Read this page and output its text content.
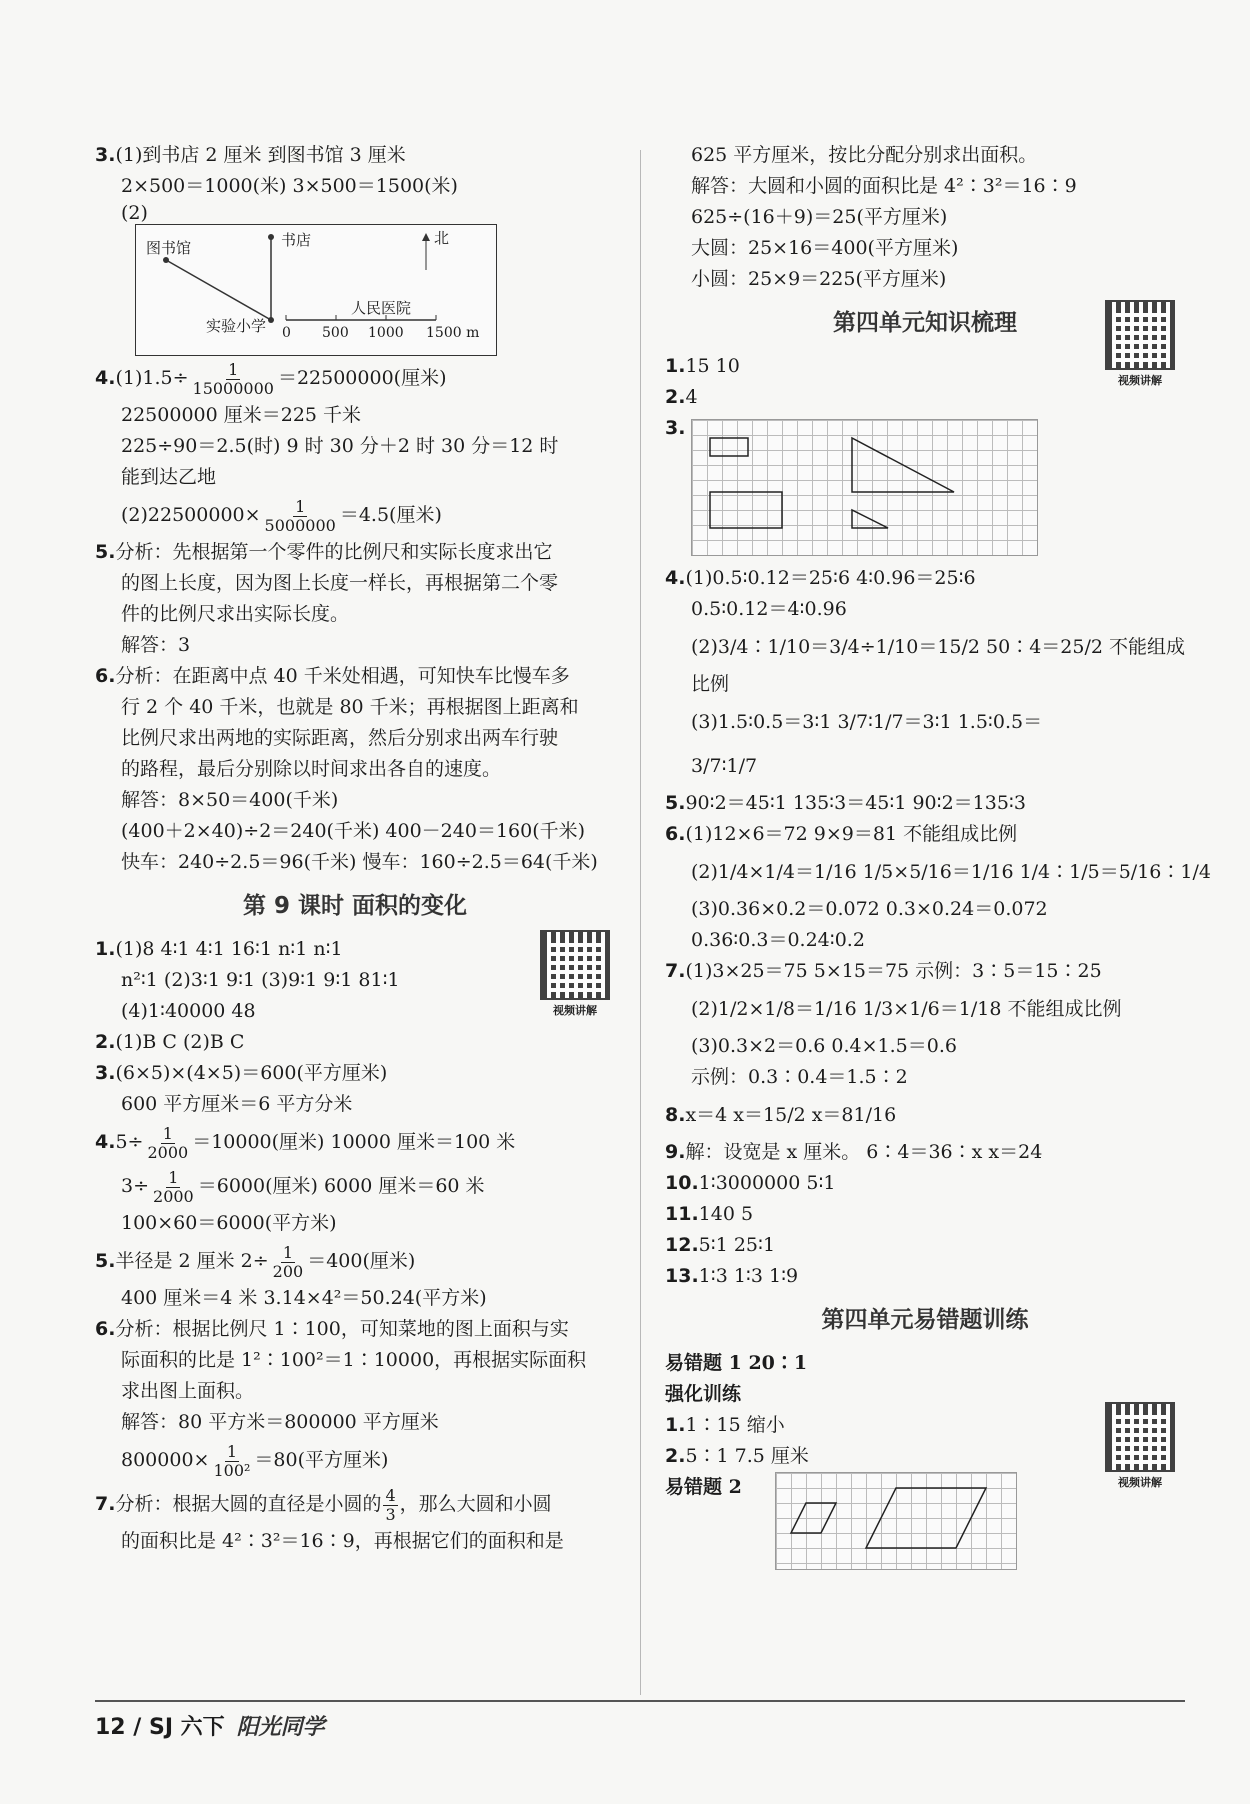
3.(1)到书店 2 厘米 到图书馆 3 厘米
2×500＝1000(米) 3×500＝1500(米)
(2)
图书馆	书店
实验小学
人民医院
北
0 500 1000 1500 m
$4.(1)1.5\div \frac{1}{15000000} =22500000$(厘米)
22500000 厘米＝225 千米
225÷90＝2.5(时) 9 时 30 分＋2 时 30 分＝12 时
能到达乙地
$(2)22500000\times \frac{1}{5000000} =4.5$(厘米)
5.分析：先根据第一个零件的比例尺和实际长度求出它
的图上长度，因为图上长度一样长，再根据第二个零
件的比例尺求出实际长度。
解答：3
6.分析：在距离中点 40 千米处相遇，可知快车比慢车多
行 2 个 40 千米，也就是 80 千米；再根据图上距离和
比例尺求出两地的实际距离，然后分别求出两车行驶
的路程，最后分别除以时间求出各自的速度。
解答：8×50＝400(千米)
(400＋2×40)÷2＝240(千米) 400－240＝160(千米)
快车：240÷2.5＝96(千米) 慢车：160÷2.5＝64(千米)
第 9 课时 面积的变化
视频讲解
1.(1)8 4∶1 4∶1 16∶1 n∶1 n∶1
n²∶1 (2)3∶1 9∶1 (3)9∶1 9∶1 81∶1
(4)1∶40000 48
2.(1)B C (2)B C
3.(6×5)×(4×5)＝600(平方厘米)
600 平方厘米＝6 平方分米
$4.5\div \frac{1}{2000} =10000$(厘米) 10000 厘米＝100 米
$3\div \frac{1}{2000} =6000$(厘米) 6000 厘米＝60 米
100×60＝6000(平方米)
5.半径是 2 厘米 $2\div \frac{1}{200} =400$(厘米)
400 厘米＝4 米 3.14×4²＝50.24(平方米)
6.分析：根据比例尺 1∶100，可知菜地的图上面积与实
际面积的比是 1²∶100²＝1∶10000，再根据实际面积
求出图上面积。
解答：80 平方米＝800000 平方厘米
$800000\times \frac{1}{\text{100²}} =80$(平方厘米)
7.分析：根据大圆的直径是小圆的 $\frac{4}{3}$ ，那么大圆和小圆
的面积比是 4²∶3²＝16∶9，再根据它们的面积和是
625 平方厘米，按比分配分别求出面积。
解答：大圆和小圆的面积比是 4²∶3²＝16∶9
625÷(16＋9)＝25(平方厘米)
大圆：25×16＝400(平方厘米)
小圆：25×9＝225(平方厘米)
第四单元知识梳理
视频讲解
1.15 10
2.4
3.
4.(1)0.5∶0.12＝25∶6 4∶0.96＝25∶6
0.5∶0.12＝4∶0.96
(2)3/4∶1/10＝3/4÷1/10＝15/2 50∶4＝25/2 不能组成
比例
(3)1.5∶0.5＝3∶1 3/7∶1/7＝3∶1 1.5∶0.5＝
3/7∶1/7
5.90∶2＝45∶1 135∶3＝45∶1 90∶2＝135∶3
6.(1)12×6＝72 9×9＝81 不能组成比例
(2)1/4×1/4＝1/16 1/5×5/16＝1/16 1/4∶1/5＝5/16∶1/4
(3)0.36×0.2＝0.072 0.3×0.24＝0.072
0.36∶0.3＝0.24∶0.2
7.(1)3×25＝75 5×15＝75 示例：3∶5＝15∶25
(2)1/2×1/8＝1/16 1/3×1/6＝1/18 不能组成比例
(3)0.3×2＝0.6 0.4×1.5＝0.6
示例：0.3∶0.4＝1.5∶2
8.x＝4 x＝15/2 x＝81/16
9.解：设宽是 x 厘米。 6∶4＝36∶x x＝24
10.1∶3000000 5∶1
11.140 5
12.5∶1 25∶1
13.1∶3 1∶3 1∶9
第四单元易错题训练
视频讲解
易错题 1 20∶1
强化训练
1.1∶15 缩小
2.5∶1 7.5 厘米
易错题 2
12 / SJ 六下 阳光同学
